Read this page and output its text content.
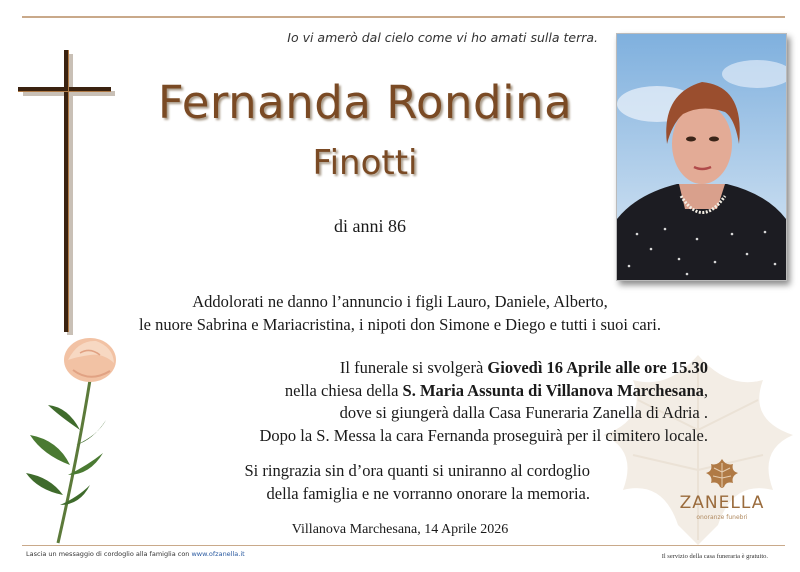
Io vi amerò dal cielo come vi ho amati sulla terra.
Fernanda Rondina
Finotti
di anni 86
Addolorati ne danno l’annuncio i figli Lauro, Daniele, Alberto,
le nuore Sabrina e Mariacristina, i nipoti don Simone e Diego e tutti i suoi cari.
Il funerale si svolgerà Giovedì 16 Aprile alle ore 15.30
nella chiesa della S. Maria Assunta di Villanova Marchesana,
dove si giungerà dalla Casa Funeraria Zanella di Adria .
Dopo la S. Messa la cara Fernanda proseguirà per il cimitero locale.
Si ringrazia sin d’ora quanti si uniranno al cordoglio
della famiglia e ne vorranno onorare la memoria.	ZANELLA
onoranze funebri
Villanova Marchesana, 14 Aprile 2026
Lascia un messaggio di cordoglio alla famiglia con www.ofzanella.it	Il servizio della casa funeraria è gratuito.
